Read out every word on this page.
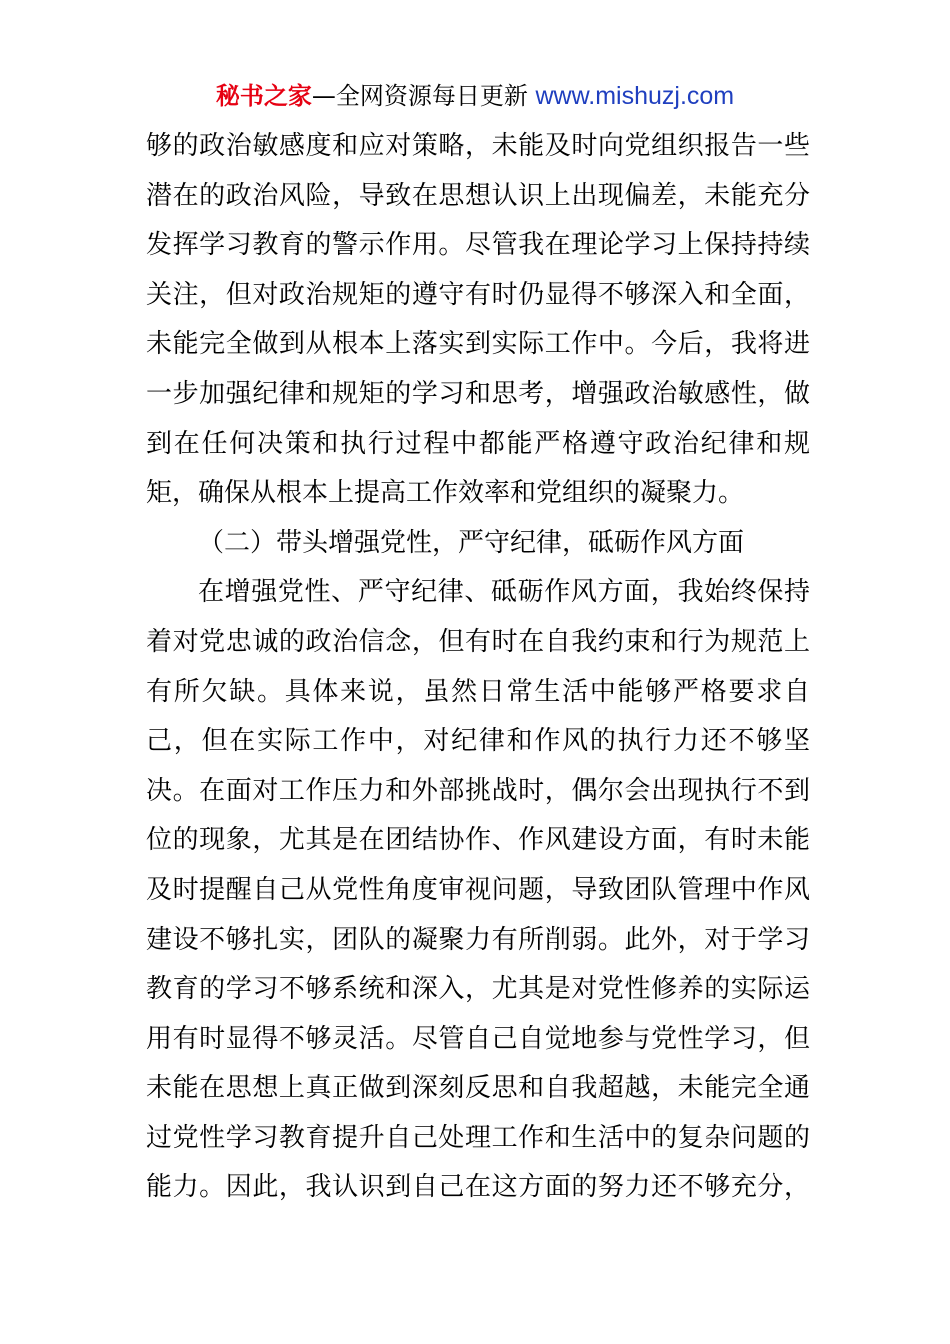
秘书之家—全网资源每日更新 www.mishuzj.com
够的政治敏感度和应对策略，未能及时向党组织报告一些
潜在的政治风险，导致在思想认识上出现偏差，未能充分
发挥学习教育的警示作用。尽管我在理论学习上保持持续
关注，但对政治规矩的遵守有时仍显得不够深入和全面，
未能完全做到从根本上落实到实际工作中。今后，我将进
一步加强纪律和规矩的学习和思考，增强政治敏感性，做
到在任何决策和执行过程中都能严格遵守政治纪律和规
矩，确保从根本上提高工作效率和党组织的凝聚力。
（二）带头增强党性，严守纪律，砥砺作风方面
在增强党性、严守纪律、砥砺作风方面，我始终保持
着对党忠诚的政治信念，但有时在自我约束和行为规范上
有所欠缺。具体来说，虽然日常生活中能够严格要求自
己，但在实际工作中，对纪律和作风的执行力还不够坚
决。在面对工作压力和外部挑战时，偶尔会出现执行不到
位的现象，尤其是在团结协作、作风建设方面，有时未能
及时提醒自己从党性角度审视问题，导致团队管理中作风
建设不够扎实，团队的凝聚力有所削弱。此外，对于学习
教育的学习不够系统和深入，尤其是对党性修养的实际运
用有时显得不够灵活。尽管自己自觉地参与党性学习，但
未能在思想上真正做到深刻反思和自我超越，未能完全通
过党性学习教育提升自己处理工作和生活中的复杂问题的
能力。因此，我认识到自己在这方面的努力还不够充分，
